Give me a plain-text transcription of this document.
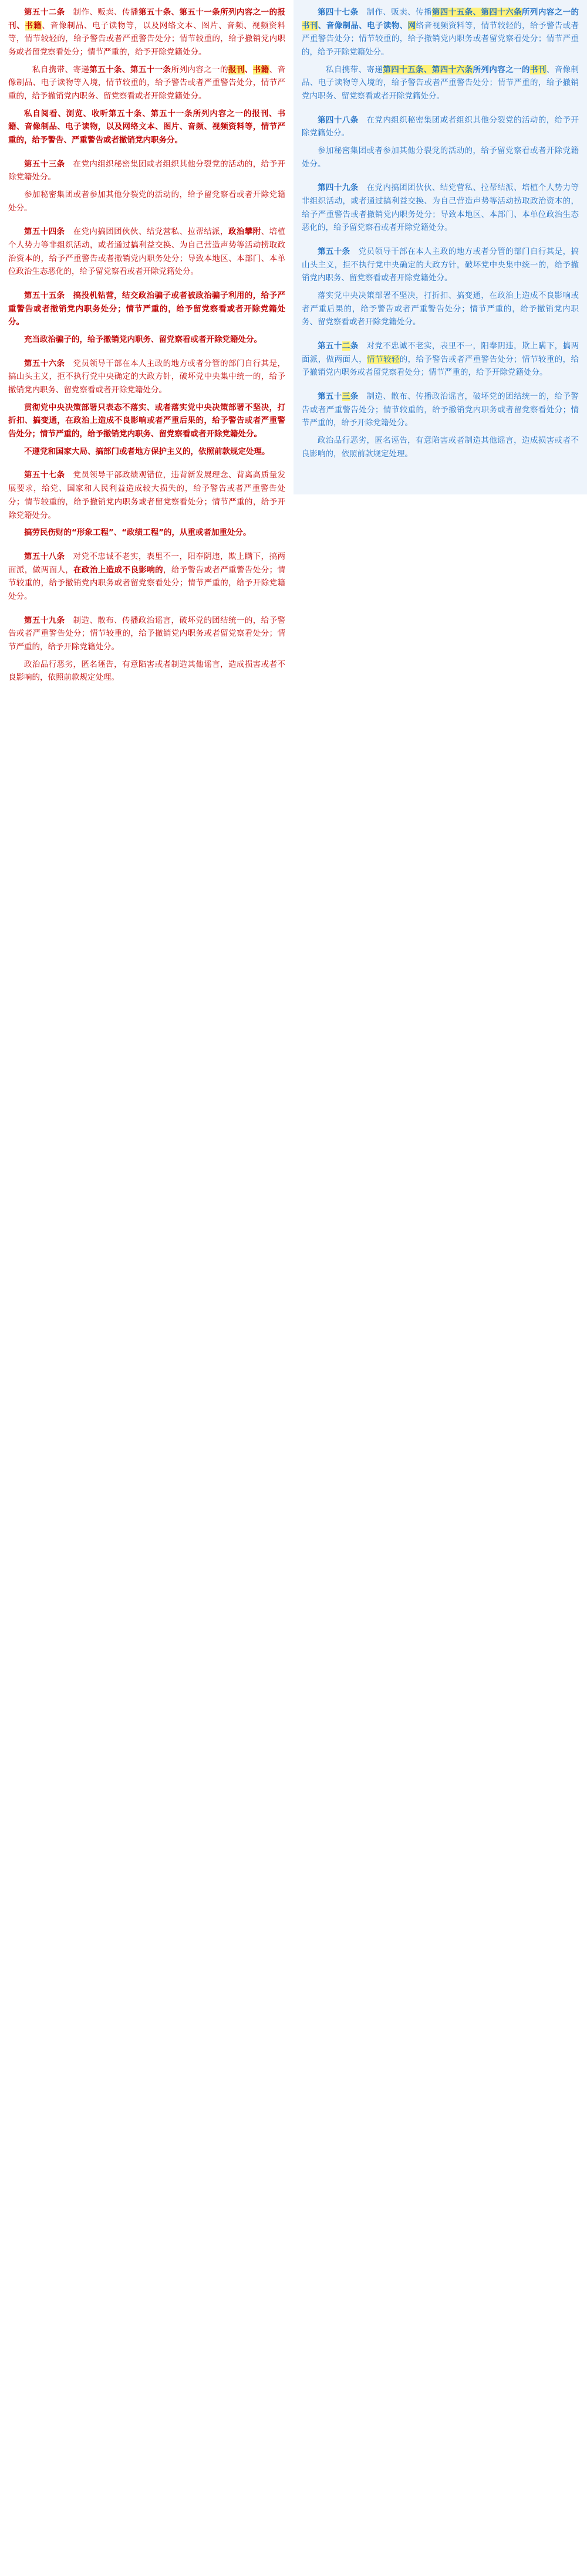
第五十二条　制作、贩卖、传播第五十条、第五十一条所列内容之一的报刊、书籍、音像制品、电子读物等，以及网络文本、图片、音频、视频资料等，情节较轻的，给予警告或者严重警告处分；情节较重的，给予撤销党内职务或者留党察看处分；情节严重的，给予开除党籍处分。

　私自携带、寄递第五十条、第五十一条所列内容之一的报刊、书籍、音像制品、电子读物等入境，情节较重的，给予警告或者严重警告处分，情节严重的，给予撤销党内职务、留党察看或者开除党籍处分。

私自阅看、浏览、收听第五十条、第五十一条所列内容之一的报刊、书籍、音像制品、电子读物，以及网络文本、图片、音频、视频资料等，情节严重的，给予警告、严重警告或者撤销党内职务分。

第五十三条　在党内组织秘密集团或者组织其他分裂党的活动的，给予开除党籍处分。

参加秘密集团或者参加其他分裂党的活动的，给予留党察看或者开除党籍处分。

第五十四条　在党内搞团团伙伙、结党营私、拉帮结派，政治攀附、培植个人势力等非组织活动，或者通过搞利益交换、为自己营造声势等活动捞取政治资本的，给予严重警告或者撤销党内职务处分；导致本地区、本部门、本单位政治生态恶化的，给予留党察看或者开除党籍处分。

第五十五条　搞投机钻营，结交政治骗子或者被政治骗子利用的，给予严重警告或者撤销党内职务处分；情节严重的，给予留党察看或者开除党籍处分。

充当政治骗子的，给予撤销党内职务、留党察看或者开除党籍处分。

第五十六条　党员领导干部在本人主政的地方或者分管的部门自行其是，搞山头主义，拒不执行党中央确定的大政方针，破坏党中央集中统一的，给予撤销党内职务、留党察看或者开除党籍处分。

贯彻党中央决策部署只表态不落实、或者落实党中央决策部署不坚决，打折扣、搞变通，在政治上造成不良影响或者严重后果的，给予警告或者严重警告处分；情节严重的，给予撤销党内职务、留党察看或者开除党籍处分。

不遵党和国家大局、搞部门或者地方保护主义的，依照前款规定处理。

第五十七条　党员领导干部政绩观错位，违背新发展理念、背离高质量发展要求，给党、国家和人民利益造成较大损失的，给予警告或者严重警告处分；情节较重的，给予撤销党内职务或者留党察看处分；情节严重的，给予开除党籍处分。

搞劳民伤财的“形象工程”、“政绩工程”的，从重或者加重处分。

第五十八条　对党不忠诚不老实，表里不一，阳奉阴违，欺上瞒下，搞两面派，做两面人，在政治上造成不良影响的，给予警告或者严重警告处分；情节较重的，给予撤销党内职务或者留党察看处分；情节严重的，给予开除党籍处分。

第五十九条　制造、散布、传播政治谣言，破坏党的团结统一的，给予警告或者严重警告处分；情节较重的，给予撤销党内职务或者留党察看处分；情节严重的，给予开除党籍处分。

政治品行恶劣，匿名诬告，有意陷害或者制造其他谣言，造成损害或者不良影响的，依照前款规定处理。

第四十七条　制作、贩卖、传播第四十五条、第四十六条所列内容之一的书刊、音像制品、电子读物、网络音视频资料等，情节较轻的，给予警告或者严重警告处分；情节较重的，给予撤销党内职务或者留党察看处分；情节严重的，给予开除党籍处分。

　私自携带、寄递第四十五条、第四十六条所列内容之一的书刊、音像制品、电子读物等入境的，给予警告或者严重警告处分；情节严重的，给予撤销党内职务、留党察看或者开除党籍处分。

第四十八条　在党内组织秘密集团或者组织其他分裂党的活动的，给予开除党籍处分。

参加秘密集团或者参加其他分裂党的活动的，给予留党察看或者开除党籍处分。

第四十九条　在党内搞团团伙伙、结党营私、拉帮结派、培植个人势力等非组织活动，或者通过搞利益交换、为自己营造声势等活动捞取政治资本的，给予严重警告或者撤销党内职务处分；导致本地区、本部门、本单位政治生态恶化的，给予留党察看或者开除党籍处分。

第五十条　党员领导干部在本人主政的地方或者分管的部门自行其是，搞山头主义，拒不执行党中央确定的大政方针，破坏党中央集中统一的，给予撤销党内职务、留党察看或者开除党籍处分。

落实党中央决策部署不坚决，打折扣、搞变通，在政治上造成不良影响或者严重后果的，给予警告或者严重警告处分；情节严重的，给予撤销党内职务、留党察看或者开除党籍处分。

第五十二条　对党不忠诚不老实，表里不一，阳奉阴违，欺上瞒下，搞两面派，做两面人，情节较轻的，给予警告或者严重警告处分；情节较重的，给予撤销党内职务或者留党察看处分；情节严重的，给予开除党籍处分。

第五十三条　制造、散布、传播政治谣言，破坏党的团结统一的，给予警告或者严重警告处分；情节较重的，给予撤销党内职务或者留党察看处分；情节严重的，给予开除党籍处分。

政治品行恶劣，匿名诬告，有意陷害或者制造其他谣言，造成损害或者不良影响的，依照前款规定处理。
